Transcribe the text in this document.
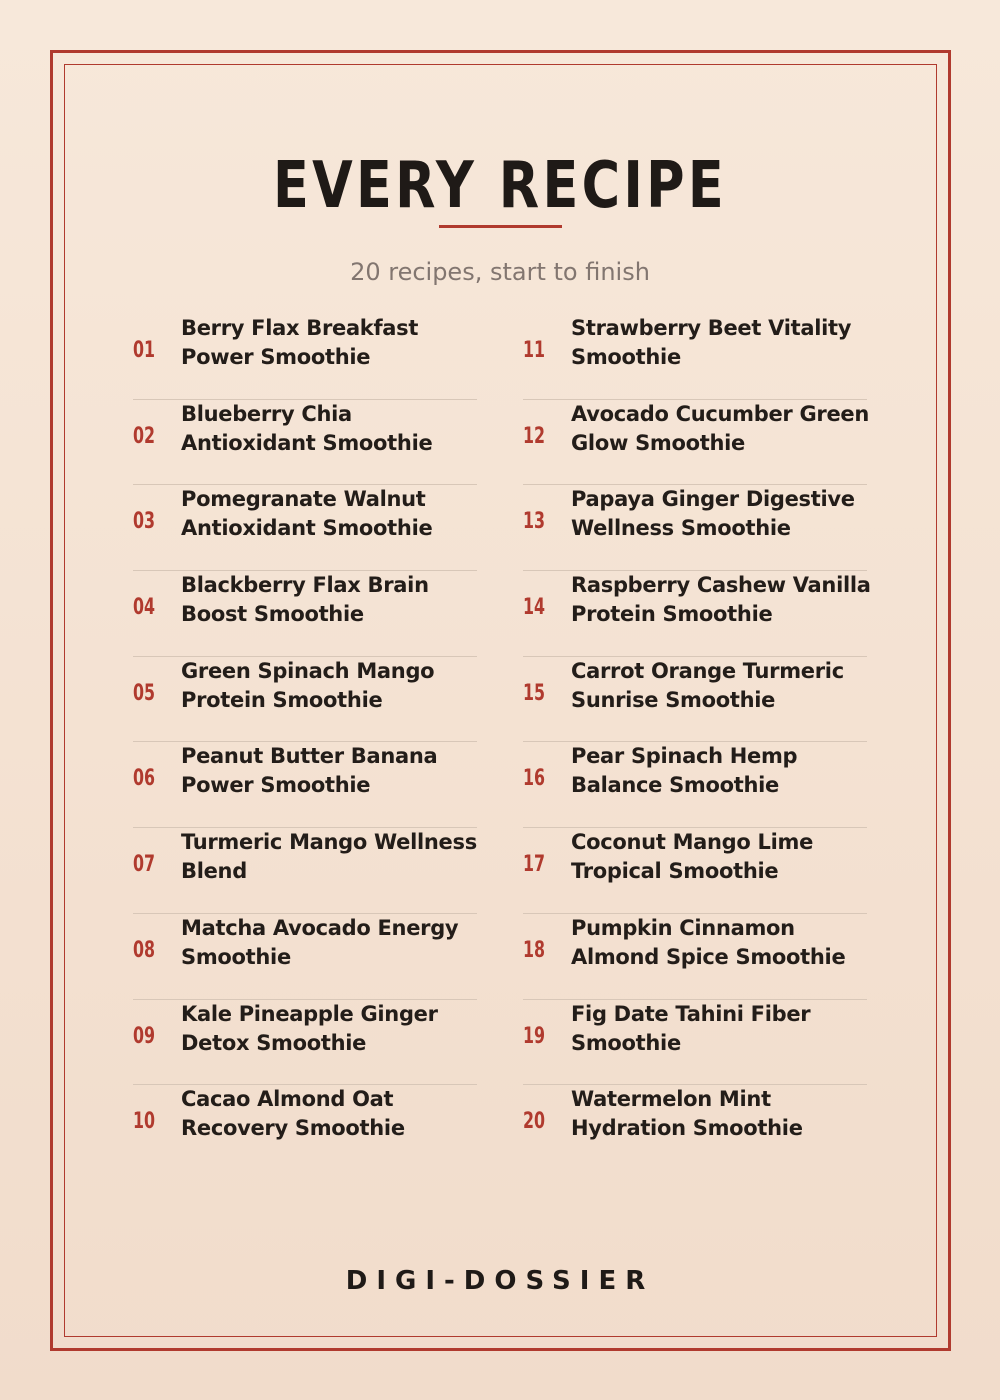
EVERY RECIPE
20 recipes, start to finish
01
Berry Flax Breakfast Power Smoothie
02
Blueberry Chia Antioxidant Smoothie
03
Pomegranate Walnut Antioxidant Smoothie
04
Blackberry Flax Brain Boost Smoothie
05
Green Spinach Mango Protein Smoothie
06
Peanut Butter Banana Power Smoothie
07
Turmeric Mango Wellness Blend
08
Matcha Avocado Energy Smoothie
09
Kale Pineapple Ginger Detox Smoothie
10
Cacao Almond Oat Recovery Smoothie
11
Strawberry Beet Vitality Smoothie
12
Avocado Cucumber Green Glow Smoothie
13
Papaya Ginger Digestive Wellness Smoothie
14
Raspberry Cashew Vanilla Protein Smoothie
15
Carrot Orange Turmeric Sunrise Smoothie
16
Pear Spinach Hemp Balance Smoothie
17
Coconut Mango Lime Tropical Smoothie
18
Pumpkin Cinnamon Almond Spice Smoothie
19
Fig Date Tahini Fiber Smoothie
20
Watermelon Mint Hydration Smoothie
DIGI-DOSSIER
